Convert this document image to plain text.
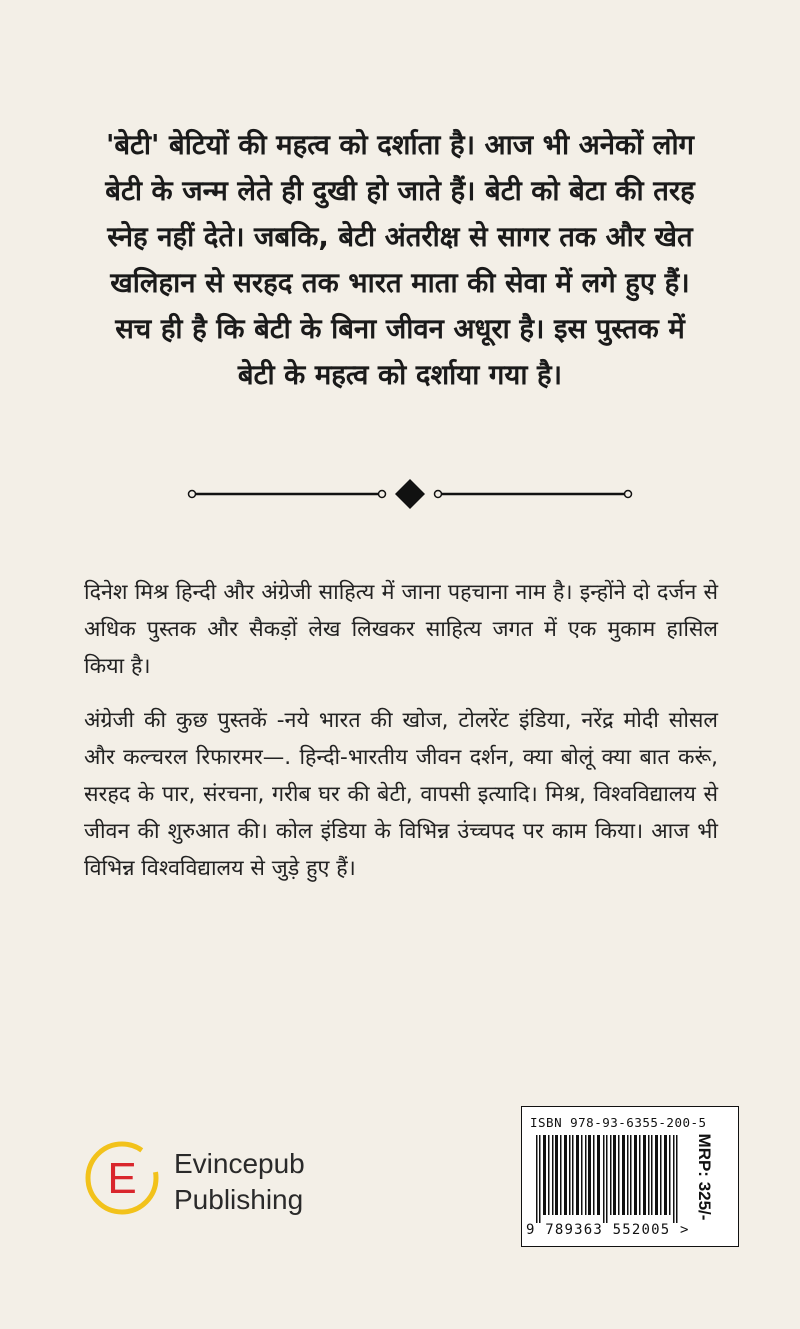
'बेटी' बेटियों की महत्व को दर्शाता है। आज भी अनेकों लोग

बेटी के जन्म लेते ही दुखी हो जाते हैं। बेटी को बेटा की तरह

स्नेह नहीं देते। जबकि, बेटी अंतरीक्ष से सागर तक और खेत

खलिहान से सरहद तक भारत माता की सेवा में लगे हुए हैं।

सच ही है कि बेटी के बिना जीवन अधूरा है। इस पुस्तक में

बेटी के महत्व को दर्शाया गया है।

दिनेश मिश्र हिन्दी और अंग्रेजी साहित्य में जाना पहचाना नाम है। इन्होंने दो दर्जन से अधिक पुस्तक और सैकड़ों लेख लिखकर साहित्य जगत में एक मुकाम हासिल किया है।

अंग्रेजी की कुछ पुस्तकें -नये भारत की खोज, टोलरेंट इंडिया, नरेंद्र मोदी सोसल और कल्चरल रिफारमर—. हिन्दी-भारतीय जीवन दर्शन, क्या बोलूं क्या बात करूं, सरहद के पार, संरचना, गरीब घर की बेटी, वापसी इत्यादि। मिश्र, विश्वविद्यालय से जीवन की शुरुआत की। कोल इंडिया के विभिन्न उंच्चपद पर काम किया। आज भी विभिन्न विश्वविद्यालय से जुड़े हुए हैं।

E Evincepub
Publishing
ISBN 978-93-6355-200-5
9 789363 552005 >
MRP: 325/-
